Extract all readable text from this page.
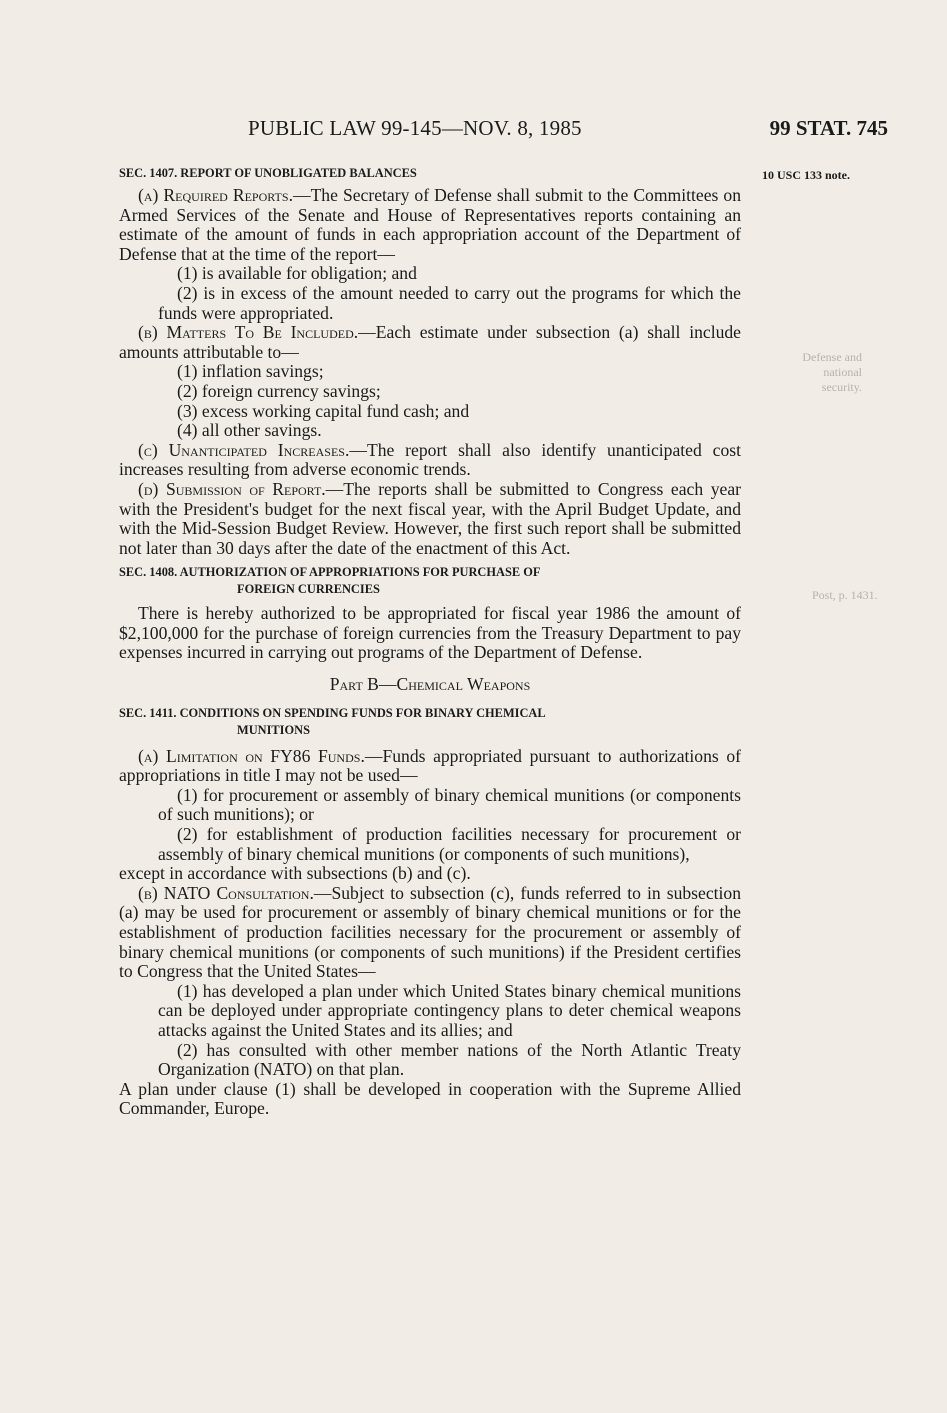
PUBLIC LAW 99-145—NOV. 8, 1985	99 STAT. 745
10 USC 133 note.
Defense and national security.
Post, p. 1431.
SEC. 1407. REPORT OF UNOBLIGATED BALANCES

(a) Required Reports.—The Secretary of Defense shall submit to the Committees on Armed Services of the Senate and House of Representatives reports containing an estimate of the amount of funds in each appropriation account of the Department of Defense that at the time of the report—

(1) is available for obligation; and

(2) is in excess of the amount needed to carry out the programs for which the funds were appropriated.

(b) Matters To Be Included.—Each estimate under subsection (a) shall include amounts attributable to—

(1) inflation savings;

(2) foreign currency savings;

(3) excess working capital fund cash; and

(4) all other savings.

(c) Unanticipated Increases.—The report shall also identify unanticipated cost increases resulting from adverse economic trends.

(d) Submission of Report.—The reports shall be submitted to Congress each year with the President's budget for the next fiscal year, with the April Budget Update, and with the Mid-Session Budget Review. However, the first such report shall be submitted not later than 30 days after the date of the enactment of this Act.

SEC. 1408. AUTHORIZATION OF APPROPRIATIONS FOR PURCHASE OF
FOREIGN CURRENCIES

There is hereby authorized to be appropriated for fiscal year 1986 the amount of $2,100,000 for the purchase of foreign currencies from the Treasury Department to pay expenses incurred in carrying out programs of the Department of Defense.

Part B—Chemical Weapons
SEC. 1411. CONDITIONS ON SPENDING FUNDS FOR BINARY CHEMICAL
MUNITIONS

(a) Limitation on FY86 Funds.—Funds appropriated pursuant to authorizations of appropriations in title I may not be used—

(1) for procurement or assembly of binary chemical munitions (or components of such munitions); or

(2) for establishment of production facilities necessary for procurement or assembly of binary chemical munitions (or components of such munitions),

except in accordance with subsections (b) and (c).

(b) NATO Consultation.—Subject to subsection (c), funds referred to in subsection (a) may be used for procurement or assembly of binary chemical munitions or for the establishment of production facilities necessary for the procurement or assembly of binary chemical munitions (or components of such munitions) if the President certifies to Congress that the United States—

(1) has developed a plan under which United States binary chemical munitions can be deployed under appropriate contingency plans to deter chemical weapons attacks against the United States and its allies; and

(2) has consulted with other member nations of the North Atlantic Treaty Organization (NATO) on that plan.

A plan under clause (1) shall be developed in cooperation with the Supreme Allied Commander, Europe.
